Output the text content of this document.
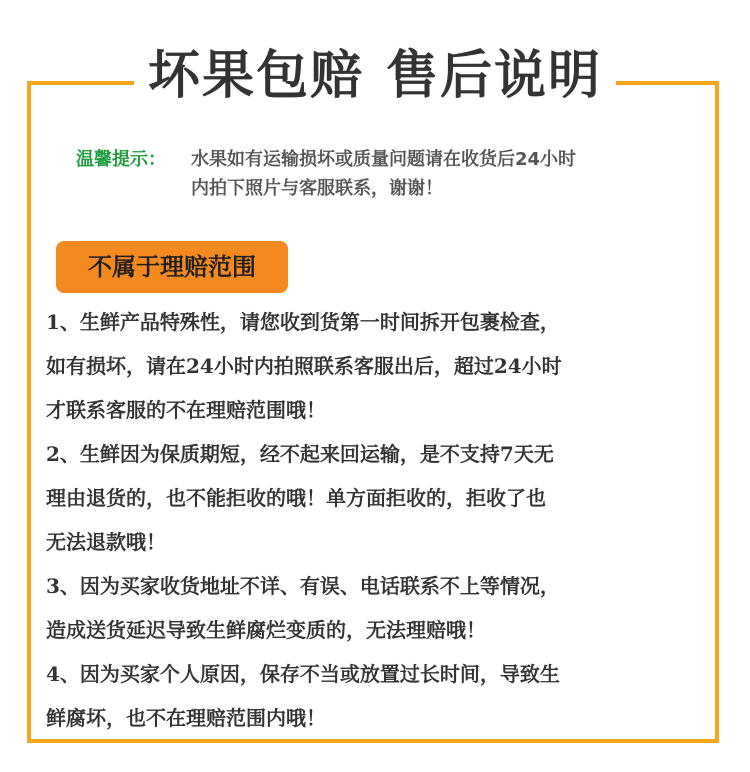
坏果包赔 售后说明
温馨提示： 水果如有运输损坏或质量问题请在收货后24小时
内拍下照片与客服联系，谢谢！
不属于理赔范围
1、生鲜产品特殊性，请您收到货第一时间拆开包裹检查，
如有损坏，请在24小时内拍照联系客服出后，超过24小时
才联系客服的不在理赔范围哦！
2、生鲜因为保质期短，经不起来回运输，是不支持7天无
理由退货的，也不能拒收的哦！单方面拒收的，拒收了也
无法退款哦！
3、因为买家收货地址不详、有误、电话联系不上等情况，
造成送货延迟导致生鲜腐烂变质的，无法理赔哦！
4、因为买家个人原因，保存不当或放置过长时间，导致生
鲜腐坏，也不在理赔范围内哦！
